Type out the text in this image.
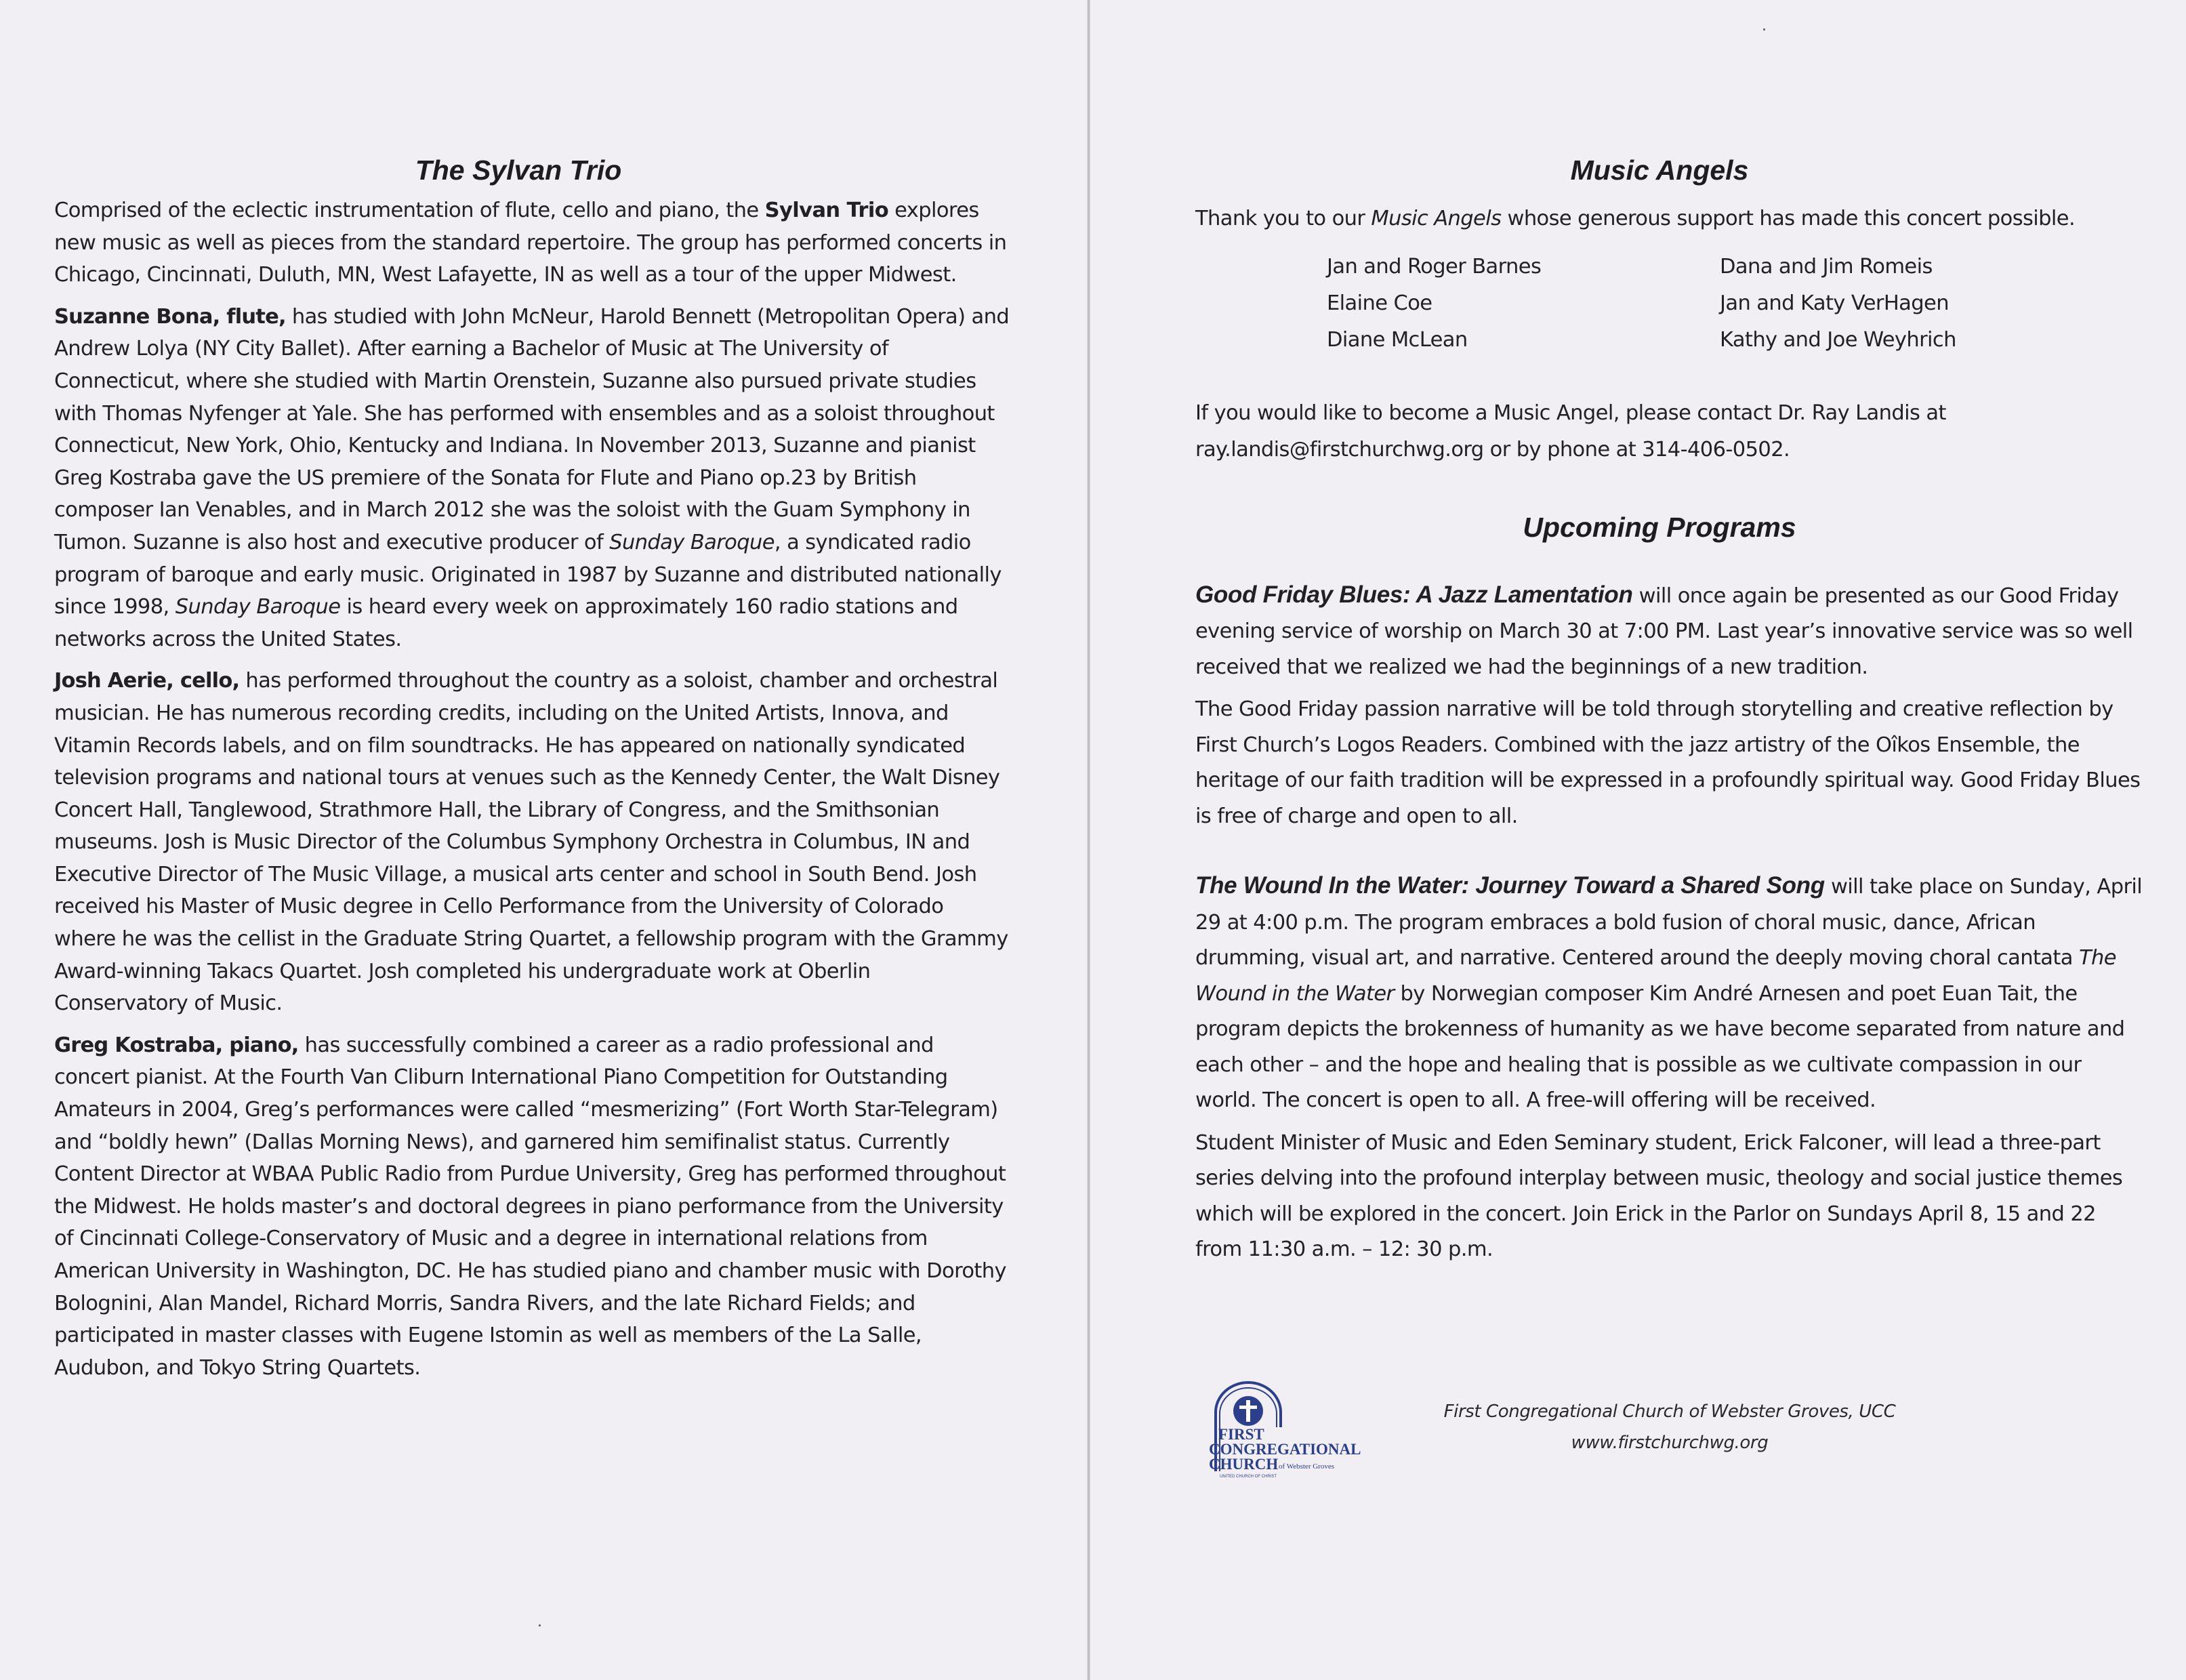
The Sylvan Trio

Comprised of the eclectic instrumentation of flute, cello and piano, the Sylvan Trio explores new music as well as pieces from the standard repertoire. The group has performed concerts in Chicago, Cincinnati, Duluth, MN, West Lafayette, IN as well as a tour of the upper Midwest.

Suzanne Bona, flute, has studied with John McNeur, Harold Bennett (Metropolitan Opera) and Andrew Lolya (NY City Ballet). After earning a Bachelor of Music at The University of Connecticut, where she studied with Martin Orenstein, Suzanne also pursued private studies with Thomas Nyfenger at Yale. She has performed with ensembles and as a soloist throughout Connecticut, New York, Ohio, Kentucky and Indiana. In November 2013, Suzanne and pianist Greg Kostraba gave the US premiere of the Sonata for Flute and Piano op.23 by British composer Ian Venables, and in March 2012 she was the soloist with the Guam Symphony in Tumon. Suzanne is also host and executive producer of Sunday Baroque, a syndicated radio program of baroque and early music. Originated in 1987 by Suzanne and distributed nationally since 1998, Sunday Baroque is heard every week on approximately 160 radio stations and networks across the United States.

Josh Aerie, cello, has performed throughout the country as a soloist, chamber and orchestral musician. He has numerous recording credits, including on the United Artists, Innova, and Vitamin Records labels, and on film soundtracks. He has appeared on nationally syndicated television programs and national tours at venues such as the Kennedy Center, the Walt Disney Concert Hall, Tanglewood, Strathmore Hall, the Library of Congress, and the Smithsonian museums. Josh is Music Director of the Columbus Symphony Orchestra in Columbus, IN and Executive Director of The Music Village, a musical arts center and school in South Bend. Josh received his Master of Music degree in Cello Performance from the University of Colorado where he was the cellist in the Graduate String Quartet, a fellowship program with the Grammy Award-winning Takacs Quartet. Josh completed his undergraduate work at Oberlin Conservatory of Music.

Greg Kostraba, piano, has successfully combined a career as a radio professional and concert pianist. At the Fourth Van Cliburn International Piano Competition for Outstanding Amateurs in 2004, Greg’s performances were called “mesmerizing” (Fort Worth Star-Telegram) and “boldly hewn” (Dallas Morning News), and garnered him semifinalist status. Currently Content Director at WBAA Public Radio from Purdue University, Greg has performed throughout the Midwest. He holds master’s and doctoral degrees in piano performance from the University of Cincinnati College-Conservatory of Music and a degree in international relations from American University in Washington, DC. He has studied piano and chamber music with Dorothy Bolognini, Alan Mandel, Richard Morris, Sandra Rivers, and the late Richard Fields; and participated in master classes with Eugene Istomin as well as members of the La Salle, Audubon, and Tokyo String Quartets.

Music Angels

Thank you to our Music Angels whose generous support has made this concert possible.

Jan and Roger Barnes
Elaine Coe
Diane McLean
Dana and Jim Romeis
Jan and Katy VerHagen
Kathy and Joe Weyhrich

If you would like to become a Music Angel, please contact Dr. Ray Landis at ray.landis@firstchurchwg.org or by phone at 314-406-0502.

Upcoming Programs

Good Friday Blues: A Jazz Lamentation will once again be presented as our Good Friday evening service of worship on March 30 at 7:00 PM. Last year’s innovative service was so well received that we realized we had the beginnings of a new tradition.

The Good Friday passion narrative will be told through storytelling and creative reflection by First Church’s Logos Readers. Combined with the jazz artistry of the Oîkos Ensemble, the heritage of our faith tradition will be expressed in a profoundly spiritual way. Good Friday Blues is free of charge and open to all.

The Wound In the Water: Journey Toward a Shared Song will take place on Sunday, April 29 at 4:00 p.m. The program embraces a bold fusion of choral music, dance, African drumming, visual art, and narrative. Centered around the deeply moving choral cantata The Wound in the Water by Norwegian composer Kim André Arnesen and poet Euan Tait, the program depicts the brokenness of humanity as we have become separated from nature and each other – and the hope and healing that is possible as we cultivate compassion in our world. The concert is open to all. A free-will offering will be received.

Student Minister of Music and Eden Seminary student, Erick Falconer, will lead a three-part series delving into the profound interplay between music, theology and social justice themes which will be explored in the concert. Join Erick in the Parlor on Sundays April 8, 15 and 22 from 11:30 a.m. – 12: 30 p.m.

FIRST
CONGREGATIONAL
CHURCH of Webster Groves
UNITED CHURCH OF CHRIST
First Congregational Church of Webster Groves, UCC
www.firstchurchwg.org
